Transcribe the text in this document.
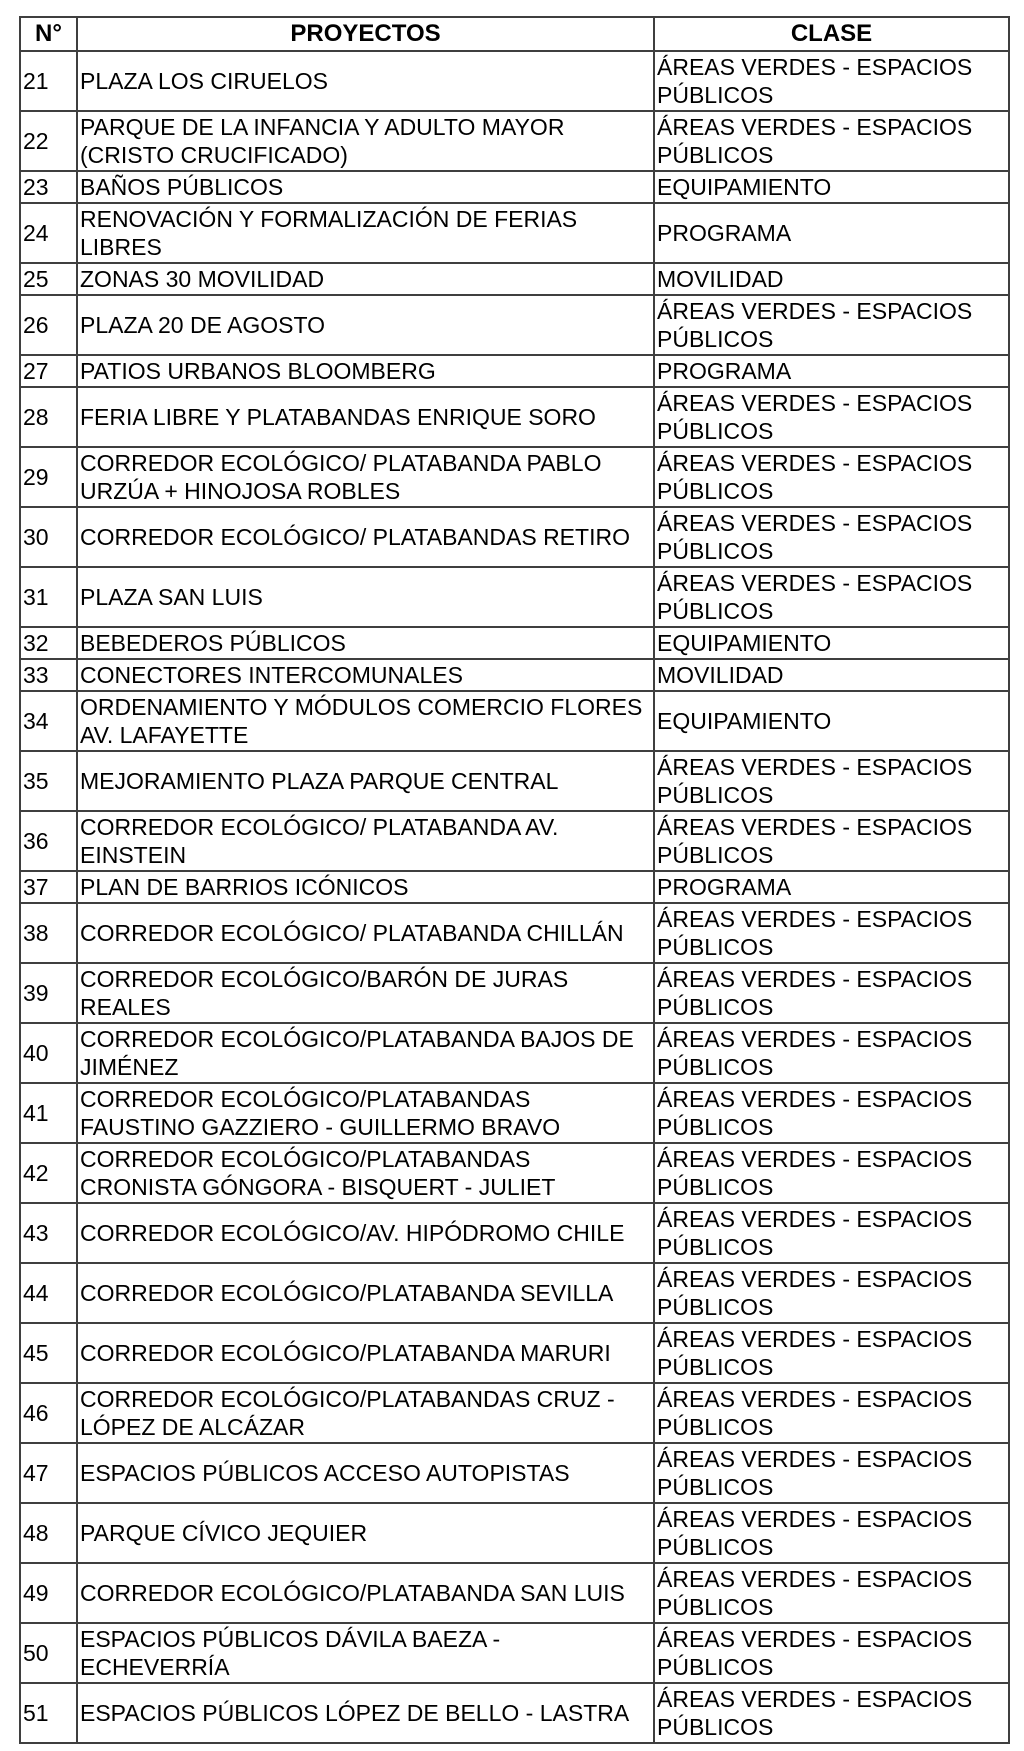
N°	PROYECTOS	CLASE
21	PLAZA LOS CIRUELOS	ÁREAS VERDES - ESPACIOS PÚBLICOS
22	PARQUE DE LA INFANCIA Y ADULTO MAYOR (CRISTO CRUCIFICADO)	ÁREAS VERDES - ESPACIOS PÚBLICOS
23	BAÑOS PÚBLICOS	EQUIPAMIENTO
24	RENOVACIÓN Y FORMALIZACIÓN DE FERIAS LIBRES	PROGRAMA
25	ZONAS 30 MOVILIDAD	MOVILIDAD
26	PLAZA 20 DE AGOSTO	ÁREAS VERDES - ESPACIOS PÚBLICOS
27	PATIOS URBANOS BLOOMBERG	PROGRAMA
28	FERIA LIBRE Y PLATABANDAS ENRIQUE SORO	ÁREAS VERDES - ESPACIOS PÚBLICOS
29	CORREDOR ECOLÓGICO/ PLATABANDA PABLO URZÚA + HINOJOSA ROBLES	ÁREAS VERDES - ESPACIOS PÚBLICOS
30	CORREDOR ECOLÓGICO/ PLATABANDAS RETIRO	ÁREAS VERDES - ESPACIOS PÚBLICOS
31	PLAZA SAN LUIS	ÁREAS VERDES - ESPACIOS PÚBLICOS
32	BEBEDEROS PÚBLICOS	EQUIPAMIENTO
33	CONECTORES INTERCOMUNALES	MOVILIDAD
34	ORDENAMIENTO Y MÓDULOS COMERCIO FLORES AV. LAFAYETTE	EQUIPAMIENTO
35	MEJORAMIENTO PLAZA PARQUE CENTRAL	ÁREAS VERDES - ESPACIOS PÚBLICOS
36	CORREDOR ECOLÓGICO/ PLATABANDA AV. EINSTEIN	ÁREAS VERDES - ESPACIOS PÚBLICOS
37	PLAN DE BARRIOS ICÓNICOS	PROGRAMA
38	CORREDOR ECOLÓGICO/ PLATABANDA CHILLÁN	ÁREAS VERDES - ESPACIOS PÚBLICOS
39	CORREDOR ECOLÓGICO/BARÓN DE JURAS REALES	ÁREAS VERDES - ESPACIOS PÚBLICOS
40	CORREDOR ECOLÓGICO/PLATABANDA BAJOS DE JIMÉNEZ	ÁREAS VERDES - ESPACIOS PÚBLICOS
41	CORREDOR ECOLÓGICO/PLATABANDAS FAUSTINO GAZZIERO - GUILLERMO BRAVO	ÁREAS VERDES - ESPACIOS PÚBLICOS
42	CORREDOR ECOLÓGICO/PLATABANDAS CRONISTA GÓNGORA - BISQUERT - JULIET	ÁREAS VERDES - ESPACIOS PÚBLICOS
43	CORREDOR ECOLÓGICO/AV. HIPÓDROMO CHILE	ÁREAS VERDES - ESPACIOS PÚBLICOS
44	CORREDOR ECOLÓGICO/PLATABANDA SEVILLA	ÁREAS VERDES - ESPACIOS PÚBLICOS
45	CORREDOR ECOLÓGICO/PLATABANDA MARURI	ÁREAS VERDES - ESPACIOS PÚBLICOS
46	CORREDOR ECOLÓGICO/PLATABANDAS CRUZ - LÓPEZ DE ALCÁZAR	ÁREAS VERDES - ESPACIOS PÚBLICOS
47	ESPACIOS PÚBLICOS ACCESO AUTOPISTAS	ÁREAS VERDES - ESPACIOS PÚBLICOS
48	PARQUE CÍVICO JEQUIER	ÁREAS VERDES - ESPACIOS PÚBLICOS
49	CORREDOR ECOLÓGICO/PLATABANDA SAN LUIS	ÁREAS VERDES - ESPACIOS PÚBLICOS
50	ESPACIOS PÚBLICOS DÁVILA BAEZA - ECHEVERRÍA	ÁREAS VERDES - ESPACIOS PÚBLICOS
51	ESPACIOS PÚBLICOS LÓPEZ DE BELLO - LASTRA	ÁREAS VERDES - ESPACIOS PÚBLICOS
